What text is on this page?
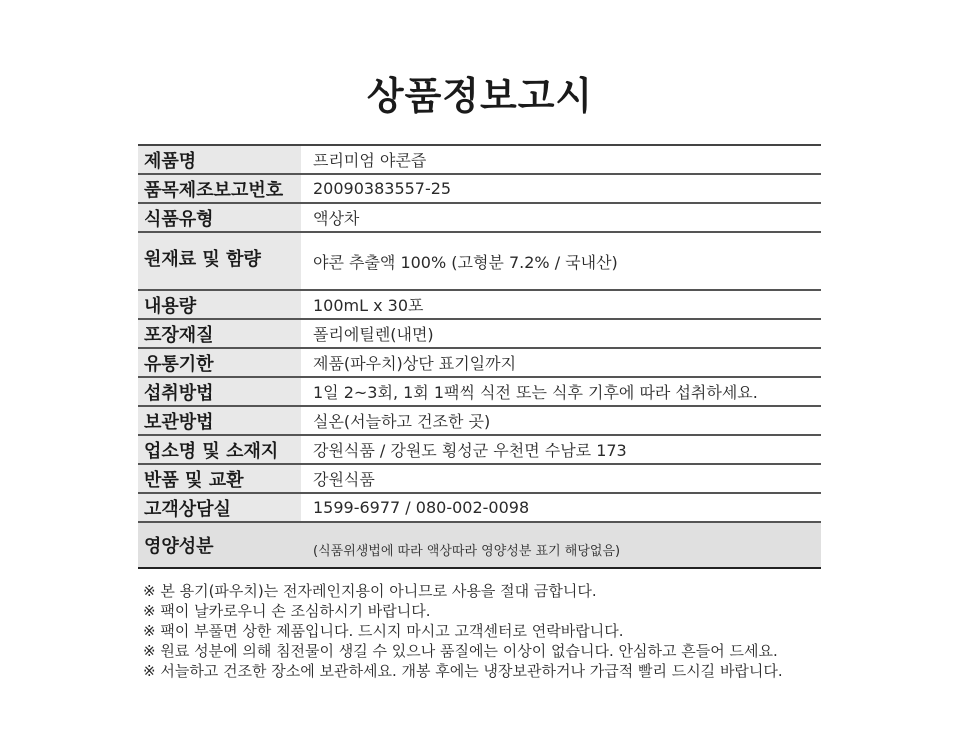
상품정보고시
제품명	프리미엄 야콘즙
품목제조보고번호	20090383557-25
식품유형	액상차
원재료 및 함량	야콘 추출액 100% (고형분 7.2% / 국내산)
내용량	100mL x 30포
포장재질	폴리에틸렌(내면)
유통기한	제품(파우치)상단 표기일까지
섭취방법	1일 2~3회, 1회 1팩씩 식전 또는 식후 기후에 따라 섭취하세요.
보관방법	실온(서늘하고 건조한 곳)
업소명 및 소재지	강원식품 / 강원도 횡성군 우천면 수남로 173
반품 및 교환	강원식품
고객상담실	1599-6977 / 080-002-0098
영양성분	(식품위생법에 따라 액상따라 영양성분 표기 해당없음)
※ 본 용기(파우치)는 전자레인지용이 아니므로 사용을 절대 금합니다.
※ 팩이 날카로우니 손 조심하시기 바랍니다.
※ 팩이 부풀면 상한 제품입니다. 드시지 마시고 고객센터로 연락바랍니다.
※ 원료 성분에 의해 침전물이 생길 수 있으나 품질에는 이상이 없습니다. 안심하고 흔들어 드세요.
※ 서늘하고 건조한 장소에 보관하세요. 개봉 후에는 냉장보관하거나 가급적 빨리 드시길 바랍니다.
